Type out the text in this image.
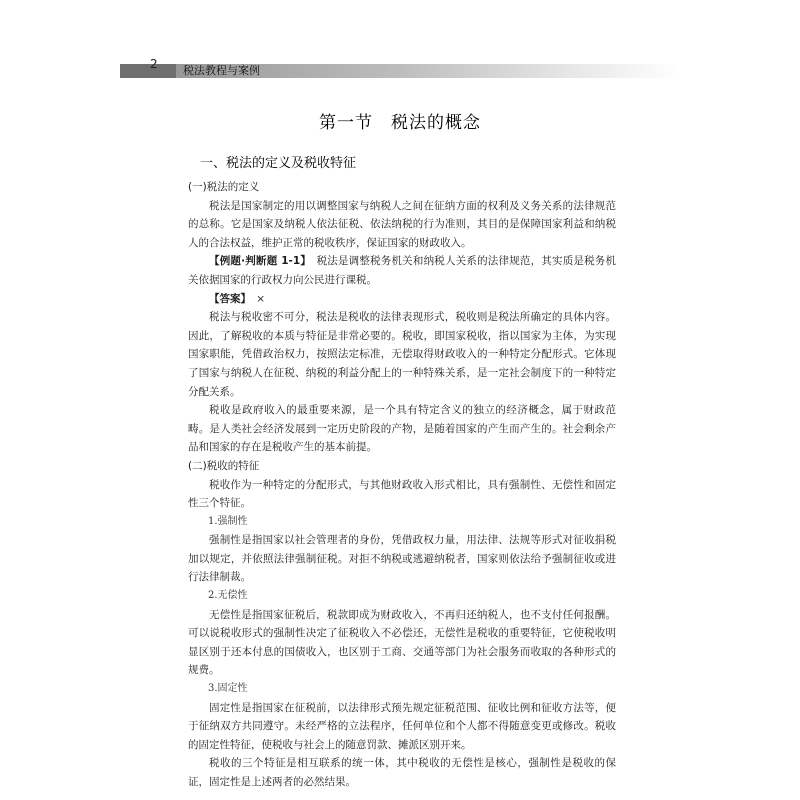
2 税法教程与案例
第一节　税法的概念
一、税法的定义及税收特征
(一)税法的定义

税法是国家制定的用以调整国家与纳税人之间在征纳方面的权利及义务关系的法律规范的总称。它是国家及纳税人依法征税、依法纳税的行为准则，其目的是保障国家利益和纳税人的合法权益，维护正常的税收秩序，保证国家的财政收入。

【例题·判断题 1-1】　 税法是调整税务机关和纳税人关系的法律规范，其实质是税务机关依据国家的行政权力向公民进行课税。

【答案】　 ×

税法与税收密不可分，税法是税收的法律表现形式，税收则是税法所确定的具体内容。因此，了解税收的本质与特征是非常必要的。税收，即国家税收，指以国家为主体，为实现国家职能，凭借政治权力，按照法定标准，无偿取得财政收入的一种特定分配形式。它体现了国家与纳税人在征税、纳税的利益分配上的一种特殊关系，是一定社会制度下的一种特定分配关系。

税收是政府收入的最重要来源，是一个具有特定含义的独立的经济概念，属于财政范畴。是人类社会经济发展到一定历史阶段的产物，是随着国家的产生而产生的。社会剩余产品和国家的存在是税收产生的基本前提。

(二)税收的特征

税收作为一种特定的分配形式，与其他财政收入形式相比，具有强制性、无偿性和固定性三个特征。

1.强制性

强制性是指国家以社会管理者的身份，凭借政权力量，用法律、法规等形式对征收捐税加以规定，并依照法律强制征税。对拒不纳税或逃避纳税者，国家则依法给予强制征收或进行法律制裁。

2.无偿性

无偿性是指国家征税后，税款即成为财政收入，不再归还纳税人，也不支付任何报酬。可以说税收形式的强制性决定了征税收入不必偿还，无偿性是税收的重要特征，它使税收明显区别于还本付息的国债收入，也区别于工商、交通等部门为社会服务而收取的各种形式的规费。

3.固定性

固定性是指国家在征税前，以法律形式预先规定征税范围、征收比例和征收方法等，便于征纳双方共同遵守。未经严格的立法程序，任何单位和个人都不得随意变更或修改。税收的固定性特征，使税收与社会上的随意罚款、摊派区别开来。

税收的三个特征是相互联系的统一体，其中税收的无偿性是核心，强制性是税收的保证，固定性是上述两者的必然结果。
